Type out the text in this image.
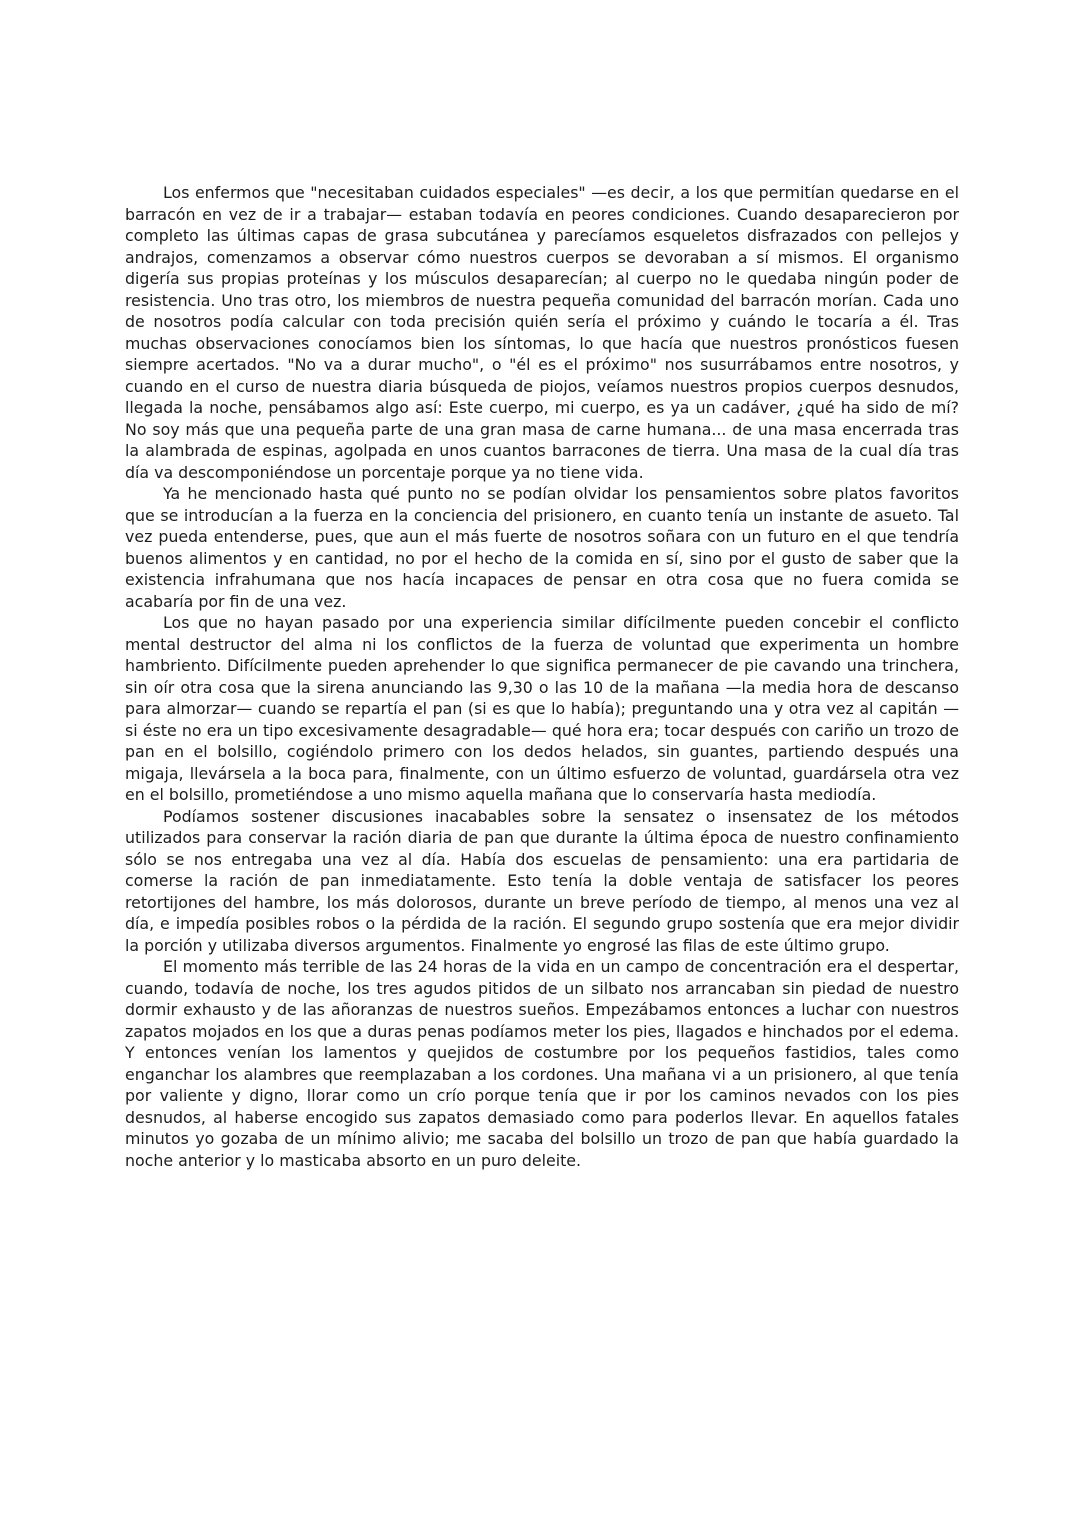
Los enfermos que "necesitaban cuidados especiales" —es decir, a los que permitían quedarse en el barracón en vez de ir a trabajar— estaban todavía en peores condiciones. Cuando desaparecieron por completo las últimas capas de grasa subcutánea y parecíamos esqueletos disfrazados con pellejos y andrajos, comenzamos a observar cómo nuestros cuerpos se devoraban a sí mismos. El organismo digería sus propias proteínas y los músculos desaparecían; al cuerpo no le quedaba ningún poder de resistencia. Uno tras otro, los miembros de nuestra pequeña comunidad del barracón morían. Cada uno de nosotros podía calcular con toda precisión quién sería el próximo y cuándo le tocaría a él. Tras muchas observaciones conocíamos bien los síntomas, lo que hacía que nuestros pronósticos fuesen siempre acertados. "No va a durar mucho", o "él es el próximo" nos susurrábamos entre nosotros, y cuando en el curso de nuestra diaria búsqueda de piojos, veíamos nuestros propios cuerpos desnudos, llegada la noche, pensábamos algo así: Este cuerpo, mi cuerpo, es ya un cadáver, ¿qué ha sido de mí? No soy más que una pequeña parte de una gran masa de carne humana... de una masa encerrada tras la alambrada de espinas, agolpada en unos cuantos barracones de tierra. Una masa de la cual día tras día va descomponiéndose un porcentaje porque ya no tiene vida.

Ya he mencionado hasta qué punto no se podían olvidar los pensamientos sobre platos favoritos que se introducían a la fuerza en la conciencia del prisionero, en cuanto tenía un instante de asueto. Tal vez pueda entenderse, pues, que aun el más fuerte de nosotros soñara con un futuro en el que tendría buenos alimentos y en cantidad, no por el hecho de la comida en sí, sino por el gusto de saber que la existencia infrahumana que nos hacía incapaces de pensar en otra cosa que no fuera comida se acabaría por fin de una vez.

Los que no hayan pasado por una experiencia similar difícilmente pueden concebir el conflicto mental destructor del alma ni los conflictos de la fuerza de voluntad que experimenta un hombre hambriento. Difícilmente pueden aprehender lo que significa permanecer de pie cavando una trinchera, sin oír otra cosa que la sirena anunciando las 9,30 o las 10 de la mañana —la media hora de descanso para almorzar— cuando se repartía el pan (si es que lo había); preguntando una y otra vez al capitán —si éste no era un tipo excesivamente desagradable— qué hora era; tocar después con cariño un trozo de pan en el bolsillo, cogiéndolo primero con los dedos helados, sin guantes, partiendo después una migaja, llevársela a la boca para, finalmente, con un último esfuerzo de voluntad, guardársela otra vez en el bolsillo, prometiéndose a uno mismo aquella mañana que lo conservaría hasta mediodía.

Podíamos sostener discusiones inacabables sobre la sensatez o insensatez de los métodos utilizados para conservar la ración diaria de pan que durante la última época de nuestro confinamiento sólo se nos entregaba una vez al día. Había dos escuelas de pensamiento: una era partidaria de comerse la ración de pan inmediatamente. Esto tenía la doble ventaja de satisfacer los peores retortijones del hambre, los más dolorosos, durante un breve período de tiempo, al menos una vez al día, e impedía posibles robos o la pérdida de la ración. El segundo grupo sostenía que era mejor dividir la porción y utilizaba diversos argumentos. Finalmente yo engrosé las filas de este último grupo.

El momento más terrible de las 24 horas de la vida en un campo de concentración era el despertar, cuando, todavía de noche, los tres agudos pitidos de un silbato nos arrancaban sin piedad de nuestro dormir exhausto y de las añoranzas de nuestros sueños. Empezábamos entonces a luchar con nuestros zapatos mojados en los que a duras penas podíamos meter los pies, llagados e hinchados por el edema. Y entonces venían los lamentos y quejidos de costumbre por los pequeños fastidios, tales como enganchar los alambres que reemplazaban a los cordones. Una mañana vi a un prisionero, al que tenía por valiente y digno, llorar como un crío porque tenía que ir por los caminos nevados con los pies desnudos, al haberse encogido sus zapatos demasiado como para poderlos llevar. En aquellos fatales minutos yo gozaba de un mínimo alivio; me sacaba del bolsillo un trozo de pan que había guardado la noche anterior y lo masticaba absorto en un puro deleite.
